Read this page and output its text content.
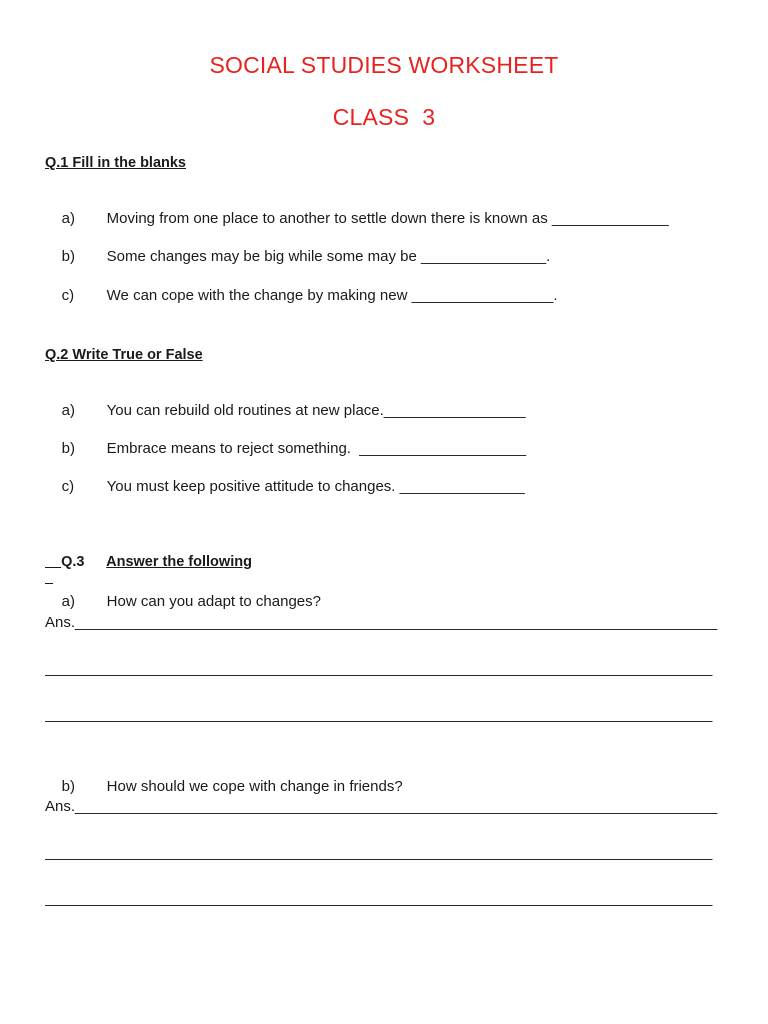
SOCIAL STUDIES WORKSHEET
CLASS  3
Q.1 Fill in the blanks

a) Moving from one place to another to settle down there is known as ______________

b) Some changes may be big while some may be _______________.

c) We can cope with the change by making new _________________.

Q.2 Write True or False

a) You can rebuild old routines at new place._________________

b) Embrace means to reject something.  ____________________

c) You must keep positive attitude to changes. _______________

Q.3 Answer the following

a) How can you adapt to changes?

Ans._____________________________________________________________________________
________________________________________________________________________________
________________________________________________________________________________

b) How should we cope with change in friends?

Ans._____________________________________________________________________________
________________________________________________________________________________
________________________________________________________________________________
